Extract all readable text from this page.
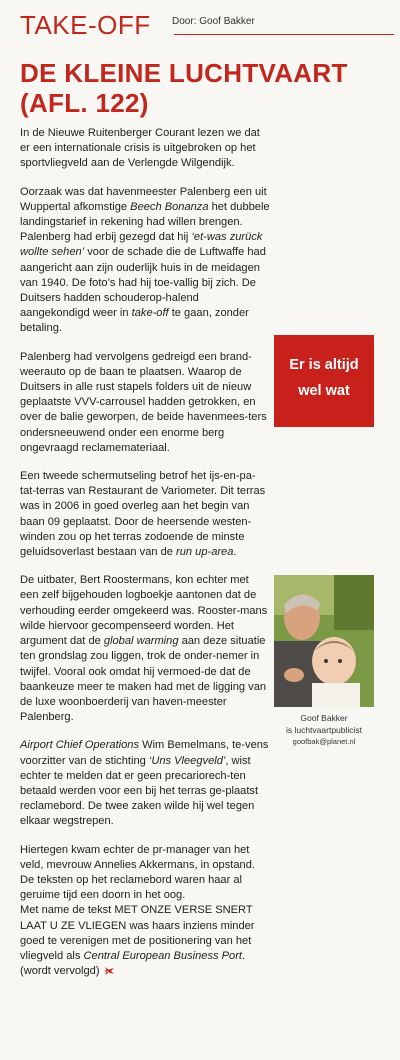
TAKE-OFF Door: Goof Bakker
DE KLEINE LUCHTVAART
(AFL. 122)

In de Nieuwe Ruitenberger Courant lezen we dat er een internationale crisis is uitgebroken op het sportvliegveld aan de Verlengde Wilgendijk.

Oorzaak was dat havenmeester Palenberg een uit Wuppertal afkomstige Beech Bonanza het dubbele landingstarief in rekening had willen brengen. Palenberg had erbij gezegd dat hij ‘et-was zurück wollte sehen’ voor de schade die de Luftwaffe had aangericht aan zijn ouderlijk huis in de meidagen van 1940. De foto’s had hij toe-vallig bij zich. De Duitsers hadden schouderop-halend aangekondigd weer in take-off te gaan, zonder betaling.

Palenberg had vervolgens gedreigd een brand-weerauto op de baan te plaatsen. Waarop de Duitsers in alle rust stapels folders uit de nieuw geplaatste VVV-carrousel hadden getrokken, en over de balie geworpen, de beide havenmees-ters ondersneeuwend onder een enorme berg ongevraagd reclamemateriaal.

Een tweede schermutseling betrof het ijs-en-pa-tat-terras van Restaurant de Variometer. Dit terras was in 2006 in goed overleg aan het begin van baan 09 geplaatst. Door de heersende westen-winden zou op het terras zodoende de minste geluidsoverlast bestaan van de run up-area.

De uitbater, Bert Roostermans, kon echter met een zelf bijgehouden logboekje aantonen dat de verhouding eerder omgekeerd was. Rooster-mans wilde hiervoor gecompenseerd worden. Het argument dat de global warming aan deze situatie ten grondslag zou liggen, trok de onder-nemer in twijfel. Vooral ook omdat hij vermoed-de dat de baankeuze meer te maken had met de ligging van de luxe woonboerderij van haven-meester Palenberg.

Airport Chief Operations Wim Bemelmans, te-vens voorzitter van de stichting ‘Uns Vleegveld’, wist echter te melden dat er geen precariorech-ten betaald werden voor een bij het terras ge-plaatst reclamebord. De twee zaken wilde hij wel tegen elkaar wegstrepen.

Hiertegen kwam echter de pr-manager van het veld, mevrouw Annelies Akkermans, in opstand. De teksten op het reclamebord waren haar al geruime tijd een doorn in het oog.
Met name de tekst MET ONZE VERSE SNERT LAAT U ZE VLIEGEN was haars inziens minder goed te verenigen met de positionering van het vliegveld als Central European Business Port.
(wordt vervolgd)

Er is altijd
wel wat
Goof Bakker
is luchtvaartpublicist
goofbak@planet.nl
